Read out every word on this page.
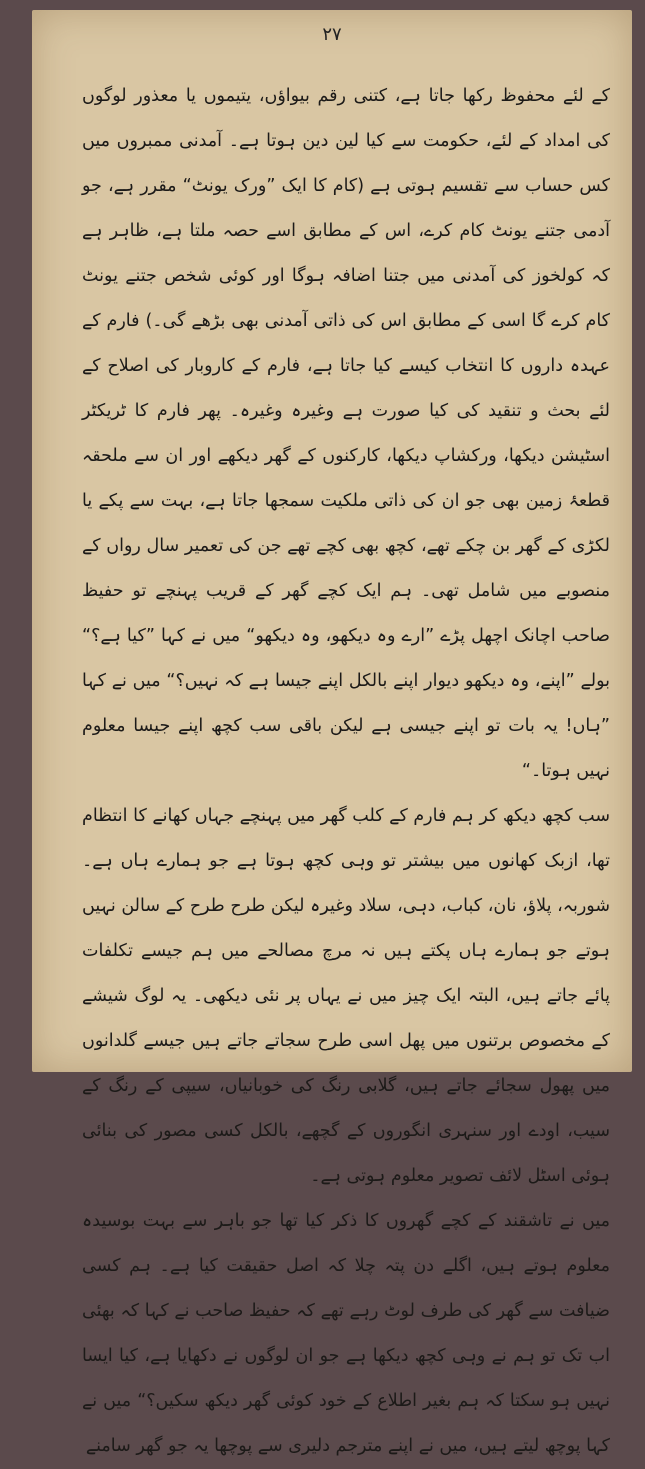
۲۷

کے لئے محفوظ رکھا جاتا ہے، کتنی رقم بیواؤں، یتیموں یا معذور لوگوں کی امداد کے لئے، حکومت سے کیا لین دین ہوتا ہے۔ آمدنی ممبروں میں کس حساب سے تقسیم ہوتی ہے (کام کا ایک ”ورک یونٹ“ مقرر ہے، جو آدمی جتنے یونٹ کام کرے، اس کے مطابق اسے حصہ ملتا ہے، ظاہر ہے کہ کولخوز کی آمدنی میں جتنا اضافہ ہوگا اور کوئی شخص جتنے یونٹ کام کرے گا اسی کے مطابق اس کی ذاتی آمدنی بھی بڑھے گی۔) فارم کے عہدہ داروں کا انتخاب کیسے کیا جاتا ہے، فارم کے کاروبار کی اصلاح کے لئے بحث و تنقید کی کیا صورت ہے وغیرہ وغیرہ۔ پھر فارم کا ٹریکٹر اسٹیشن دیکھا، ورکشاپ دیکھا، کارکنوں کے گھر دیکھے اور ان سے ملحقہ قطعۂ زمین بھی جو ان کی ذاتی ملکیت سمجھا جاتا ہے، بہت سے پکے یا لکڑی کے گھر بن چکے تھے، کچھ بھی کچے تھے جن کی تعمیر سال رواں کے منصوبے میں شامل تھی۔ ہم ایک کچے گھر کے قریب پہنچے تو حفیظ صاحب اچانک اچھل پڑے ”ارے وہ دیکھو، وہ دیکھو“ میں نے کہا ”کیا ہے؟“ بولے ”اپنے، وہ دیکھو دیوار اپنے بالکل اپنے جیسا ہے کہ نہیں؟“ میں نے کہا ”ہاں! یہ بات تو اپنے جیسی ہے لیکن باقی سب کچھ اپنے جیسا معلوم نہیں ہوتا۔“

سب کچھ دیکھ کر ہم فارم کے کلب گھر میں پہنچے جہاں کھانے کا انتظام تھا، ازبک کھانوں میں بیشتر تو وہی کچھ ہوتا ہے جو ہمارے ہاں ہے۔ شوربہ، پلاؤ، نان، کباب، دہی، سلاد وغیرہ لیکن طرح طرح کے سالن نہیں ہوتے جو ہمارے ہاں پکتے ہیں نہ مرچ مصالحے میں ہم جیسے تکلفات پائے جاتے ہیں، البتہ ایک چیز میں نے یہاں پر نئی دیکھی۔ یہ لوگ شیشے کے مخصوص برتنوں میں پھل اسی طرح سجاتے جاتے ہیں جیسے گلدانوں میں پھول سجائے جاتے ہیں، گلابی رنگ کی خوبانیاں، سیپی کے رنگ کے سیب، اودے اور سنہری انگوروں کے گچھے، بالکل کسی مصور کی بنائی ہوئی اسٹل لائف تصویر معلوم ہوتی ہے۔

میں نے تاشقند کے کچے گھروں کا ذکر کیا تھا جو باہر سے بہت بوسیدہ معلوم ہوتے ہیں، اگلے دن پتہ چلا کہ اصل حقیقت کیا ہے۔ ہم کسی ضیافت سے گھر کی طرف لوٹ رہے تھے کہ حفیظ صاحب نے کہا کہ بھئی اب تک تو ہم نے وہی کچھ دیکھا ہے جو ان لوگوں نے دکھایا ہے، کیا ایسا نہیں ہو سکتا کہ ہم بغیر اطلاع کے خود کوئی گھر دیکھ سکیں؟“ میں نے کہا پوچھ لیتے ہیں، میں نے اپنے مترجم دلیری سے پوچھا یہ جو گھر سامنے
